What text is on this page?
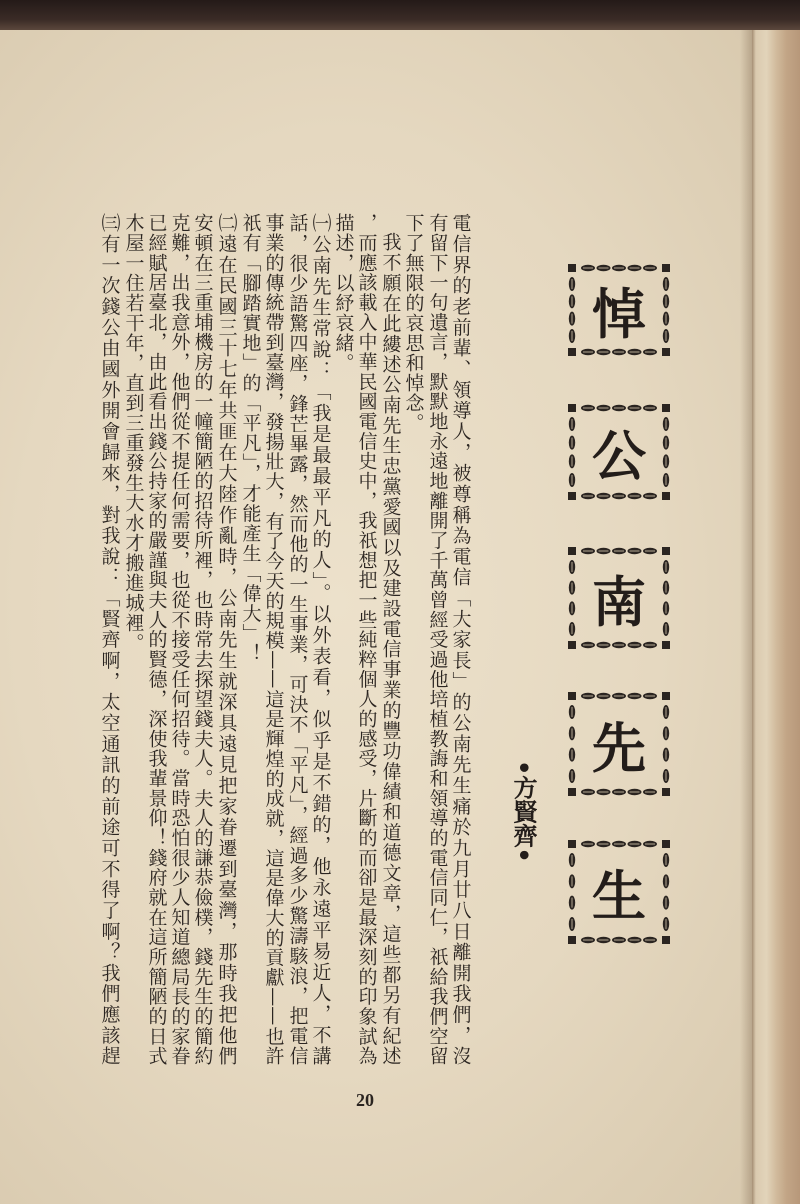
悼
公
南
先
生
•方賢齊•
電信界的老前輩、領導人，被尊稱為電信「大家長」的公南先生痛於九月廿八日離開我們，沒
有留下一句遺言，默默地永遠地離開了千萬曾經受過他培植教誨和領導的電信同仁，祇給我們空留
下了無限的哀思和悼念。
我不願在此縷述公南先生忠黨愛國以及建設電信事業的豐功偉績和道德文章，這些都另有紀述
，而應該載入中華民國電信史中，我祇想把一些純粹個人的感受，片斷的而卻是最深刻的印象試為
描述，以紓哀緒。
㈠公南先生常說：「我是最最平凡的人」。以外表看，似乎是不錯的，他永遠平易近人，不講
話，很少語驚四座，鋒芒畢露，然而他的一生事業，可決不「平凡」，經過多少驚濤駭浪，把電信
事業的傳統帶到臺灣，發揚壯大，有了今天的規模——這是輝煌的成就，這是偉大的貢獻——也許
祇有「腳踏實地」的「平凡」，才能產生「偉大」！
㈡遠在民國三十七年共匪在大陸作亂時，公南先生就深具遠見把家眷遷到臺灣，那時我把他們
安頓在三重埔機房的一幢簡陋的招待所裡，也時常去探望錢夫人。夫人的謙恭儉樸，錢先生的簡約
克難，出我意外，他們從不提任何需要，也從不接受任何招待。當時恐怕很少人知道總局長的家眷
已經賦居臺北，由此看出錢公持家的嚴謹與夫人的賢德，深使我輩景仰！錢府就在這所簡陋的日式
木屋一住若干年，直到三重發生大水才搬進城裡。
㈢有一次錢公由國外開會歸來，對我說：「賢齊啊，太空通訊的前途可不得了啊？我們應該趕
20
